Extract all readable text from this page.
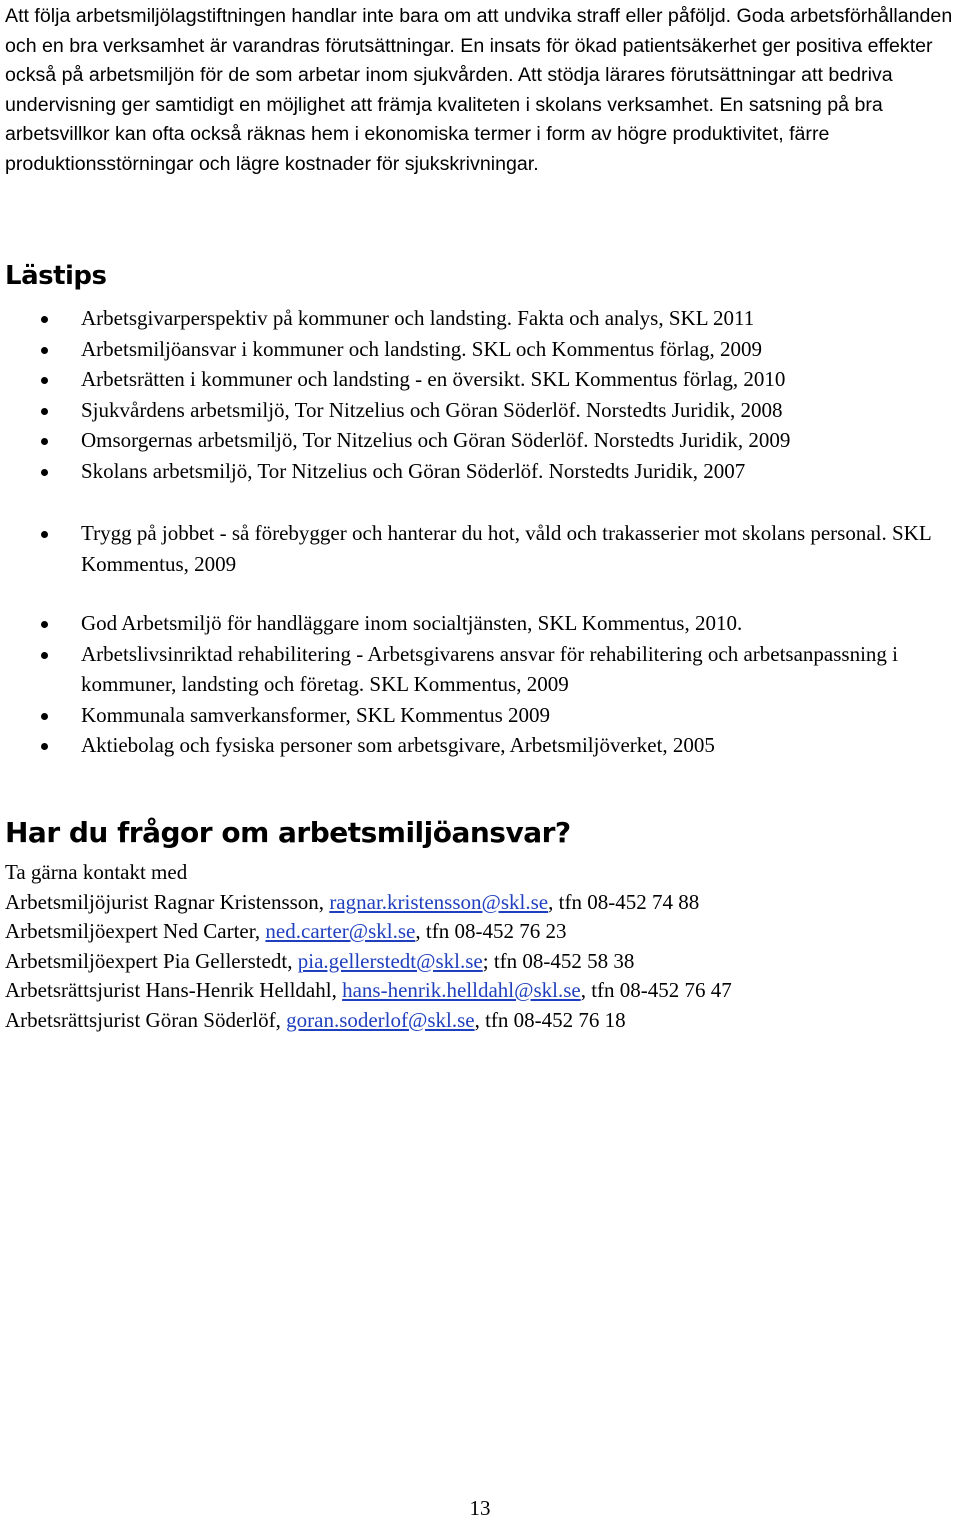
Att följa arbetsmiljölagstiftningen handlar inte bara om att undvika straff eller påföljd. Goda arbetsförhållanden och en bra verksamhet är varandras förutsättningar. En insats för ökad patientsäkerhet ger positiva effekter också på arbetsmiljön för de som arbetar inom sjukvården. Att stödja lärares förutsättningar att bedriva undervisning ger samtidigt en möjlighet att främja kvaliteten i skolans verksamhet. En satsning på bra arbetsvillkor kan ofta också räknas hem i ekonomiska termer i form av högre produktivitet, färre produktionsstörningar och lägre kostnader för sjukskrivningar.

Lästips
Arbetsgivarperspektiv på kommuner och landsting. Fakta och analys, SKL 2011
Arbetsmiljöansvar i kommuner och landsting. SKL och Kommentus förlag, 2009
Arbetsrätten i kommuner och landsting - en översikt. SKL Kommentus förlag, 2010
Sjukvårdens arbetsmiljö, Tor Nitzelius och Göran Söderlöf. Norstedts Juridik, 2008
Omsorgernas arbetsmiljö, Tor Nitzelius och Göran Söderlöf. Norstedts Juridik, 2009
Skolans arbetsmiljö, Tor Nitzelius och Göran Söderlöf. Norstedts Juridik, 2007
Trygg på jobbet - så förebygger och hanterar du hot, våld och trakasserier mot skolans personal. SKL Kommentus, 2009
God Arbetsmiljö för handläggare inom socialtjänsten, SKL Kommentus, 2010.
Arbetslivsinriktad rehabilitering - Arbetsgivarens ansvar för rehabilitering och arbetsanpassning i kommuner, landsting och företag. SKL Kommentus, 2009
Kommunala samverkansformer, SKL Kommentus 2009
Aktiebolag och fysiska personer som arbetsgivare, Arbetsmiljöverket, 2005
Har du frågor om arbetsmiljöansvar?
Ta gärna kontakt med
Arbetsmiljöjurist Ragnar Kristensson, ragnar.kristensson@skl.se, tfn 08-452 74 88
Arbetsmiljöexpert Ned Carter, ned.carter@skl.se, tfn 08-452 76 23
Arbetsmiljöexpert Pia Gellerstedt, pia.gellerstedt@skl.se; tfn 08-452 58 38
Arbetsrättsjurist Hans-Henrik Helldahl, hans-henrik.helldahl@skl.se, tfn 08-452 76 47
Arbetsrättsjurist Göran Söderlöf, goran.soderlof@skl.se, tfn 08-452 76 18
13
